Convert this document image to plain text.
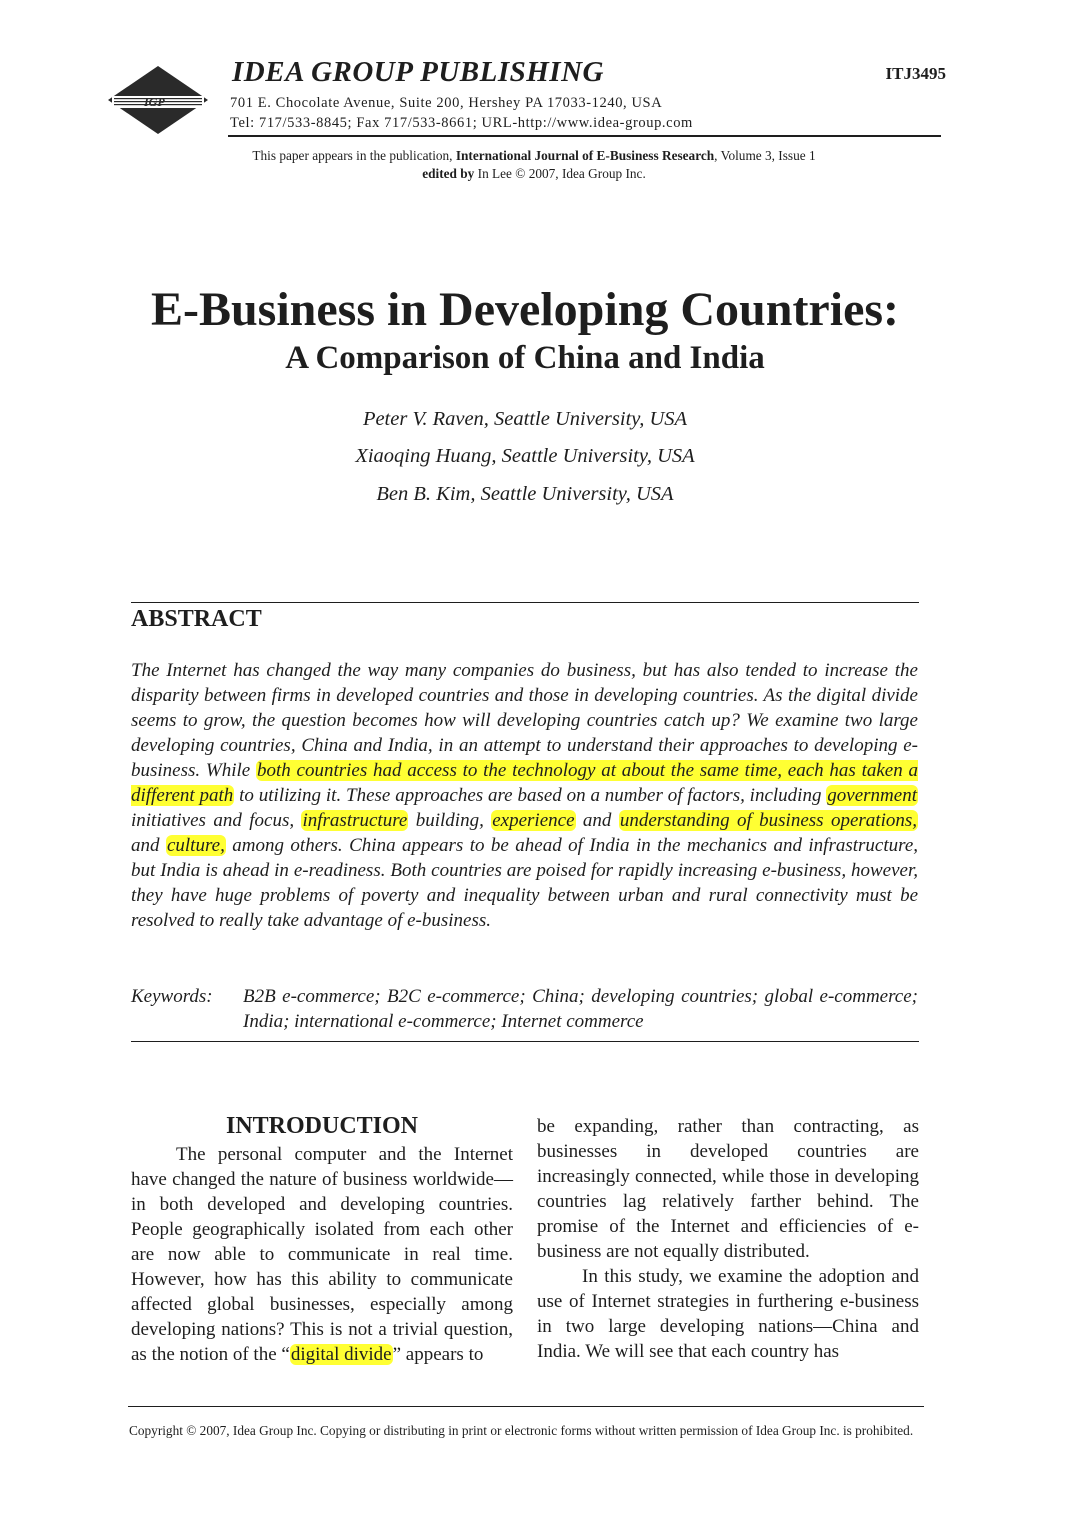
IGP
IDEA GROUP PUBLISHING
701 E. Chocolate Avenue, Suite 200, Hershey PA 17033-1240, USA
Tel: 717/533-8845; Fax 717/533-8661; URL-http://www.idea-group.com
ITJ3495
This paper appears in the publication, International Journal of E-Business Research, Volume 3, Issue 1
edited by In Lee © 2007, Idea Group Inc.
E-Business in Developing Countries:
A Comparison of China and India
Peter V. Raven, Seattle University, USA
Xiaoqing Huang, Seattle University, USA
Ben B. Kim, Seattle University, USA
ABSTRACT

The Internet has changed the way many companies do business, but has also tended to increase the disparity between firms in developed countries and those in developing countries. As the digital divide seems to grow, the question becomes how will developing countries catch up? We examine two large developing countries, China and India, in an attempt to understand their approaches to developing e-business. While both countries had access to the technology at about the same time, each has taken a different path to utilizing it. These approaches are based on a number of factors, including government initiatives and focus, infrastructure building, experience and understanding of business operations, and culture, among others. China appears to be ahead of India in the mechanics and infrastructure, but India is ahead in e-readiness. Both countries are poised for rapidly increasing e-business, however, they have huge problems of poverty and inequality between urban and rural connectivity must be resolved to really take advantage of e-business.

Keywords: B2B e-commerce; B2C e-commerce; China; developing countries; global e-commerce; India; international e-commerce; Internet commerce

INTRODUCTION

The personal computer and the Internet have changed the nature of business worldwide—in both developed and developing countries. People geographically isolated from each other are now able to communicate in real time. However, how has this ability to communicate affected global businesses, especially among developing nations? This is not a trivial question, as the notion of the “digital divide” appears to

be expanding, rather than contracting, as businesses in developed countries are increasingly connected, while those in developing countries lag relatively farther behind. The promise of the Internet and efficiencies of e-business are not equally distributed.
In this study, we examine the adoption and use of Internet strategies in furthering e-business in two large developing nations—China and India. We will see that each country has

Copyright © 2007, Idea Group Inc. Copying or distributing in print or electronic forms without written permission of Idea Group Inc. is prohibited.
